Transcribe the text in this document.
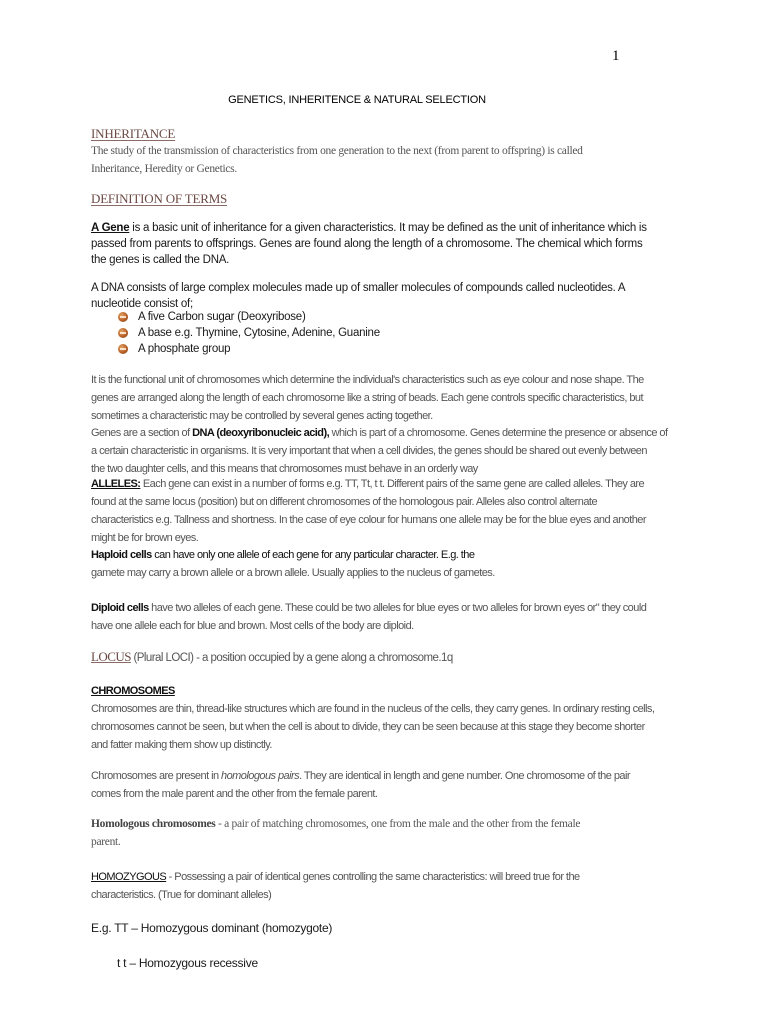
1
GENETICS, INHERITENCE & NATURAL SELECTION
INHERITANCE
The study of the transmission of characteristics from one generation to the next (from parent to offspring) is called
Inheritance, Heredity or Genetics.
DEFINITION OF TERMS
A Gene is a basic unit of inheritance for a given characteristics. It may be defined as the unit of inheritance which is
passed from parents to offsprings. Genes are found along the length of a chromosome. The chemical which forms
the genes is called the DNA.
A DNA consists of large complex molecules made up of smaller molecules of compounds called nucleotides. A
nucleotide consist of;
A five Carbon sugar (Deoxyribose)
A base e.g. Thymine, Cytosine, Adenine, Guanine
A phosphate group
It is the functional unit of chromosomes which determine the individual's characteristics such as eye colour and nose shape. The
genes are arranged along the length of each chromosome like a string of beads. Each gene controls specific characteristics, but
sometimes a characteristic may be controlled by several genes acting together.
Genes are a section of DNA (deoxyribonucleic acid), which is part of a chromosome. Genes determine the presence or absence of
a certain characteristic in organisms. It is very important that when a cell divides, the genes should be shared out evenly between
the two daughter cells, and this means that chromosomes must behave in an orderly way
ALLELES: Each gene can exist in a number of forms e.g. TT, Tt, t t. Different pairs of the same gene are called alleles. They are
found at the same locus (position) but on different chromosomes of the homologous pair. Alleles also control alternate
characteristics e.g. Tallness and shortness. In the case of eye colour for humans one allele may be for the blue eyes and another
might be for brown eyes.
Haploid cells can have only one allele of each gene for any particular character. E.g. the
gamete may carry a brown allele or a brown allele. Usually applies to the nucleus of gametes.
Diploid cells have two alleles of each gene. These could be two alleles for blue eyes or two alleles for brown eyes or" they could
have one allele each for blue and brown. Most cells of the body are diploid.
LOCUS (Plural LOCI) - a position occupied by a gene along a chromosome.1q
CHROMOSOMES
Chromosomes are thin, thread-like structures which are found in the nucleus of the cells, they carry genes. In ordinary resting cells,
chromosomes cannot be seen, but when the cell is about to divide, they can be seen because at this stage they become shorter
and fatter making them show up distinctly.
Chromosomes are present in homologous pairs. They are identical in length and gene number. One chromosome of the pair
comes from the male parent and the other from the female parent.
Homologous chromosomes - a pair of matching chromosomes, one from the male and the other from the female
parent.
HOMOZYGOUS - Possessing a pair of identical genes controlling the same characteristics: will breed true for the
characteristics. (True for dominant alleles)
E.g. TT – Homozygous dominant (homozygote)
t t – Homozygous recessive
